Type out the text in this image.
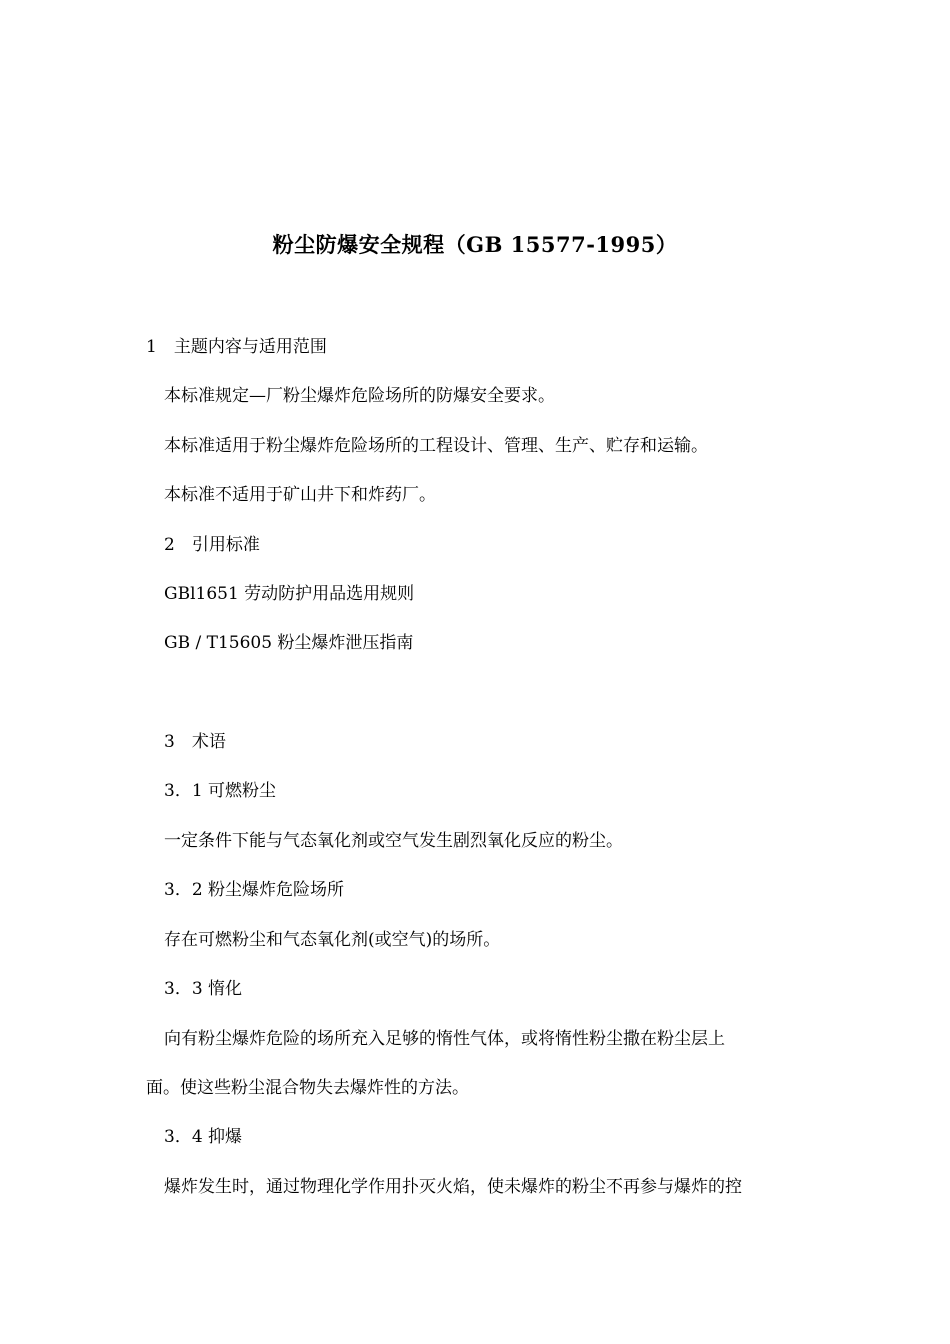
粉尘防爆安全规程（GB 15577-1995）
1　主题内容与适用范围
本标准规定—厂粉尘爆炸危险场所的防爆安全要求。
本标准适用于粉尘爆炸危险场所的工程设计、管理、生产、贮存和运输。
本标准不适用于矿山井下和炸药厂。
2　引用标准
GBl1651 劳动防护用品选用规则
GB / T15605 粉尘爆炸泄压指南
3　术语
3．1 可燃粉尘
一定条件下能与气态氧化剂或空气发生剧烈氧化反应的粉尘。
3．2 粉尘爆炸危险场所
存在可燃粉尘和气态氧化剂(或空气)的场所。
3．3 惰化
向有粉尘爆炸危险的场所充入足够的惰性气体，或将惰性粉尘撒在粉尘层上
面。使这些粉尘混合物失去爆炸性的方法。
3．4 抑爆
爆炸发生时，通过物理化学作用扑灭火焰，使未爆炸的粉尘不再参与爆炸的控
